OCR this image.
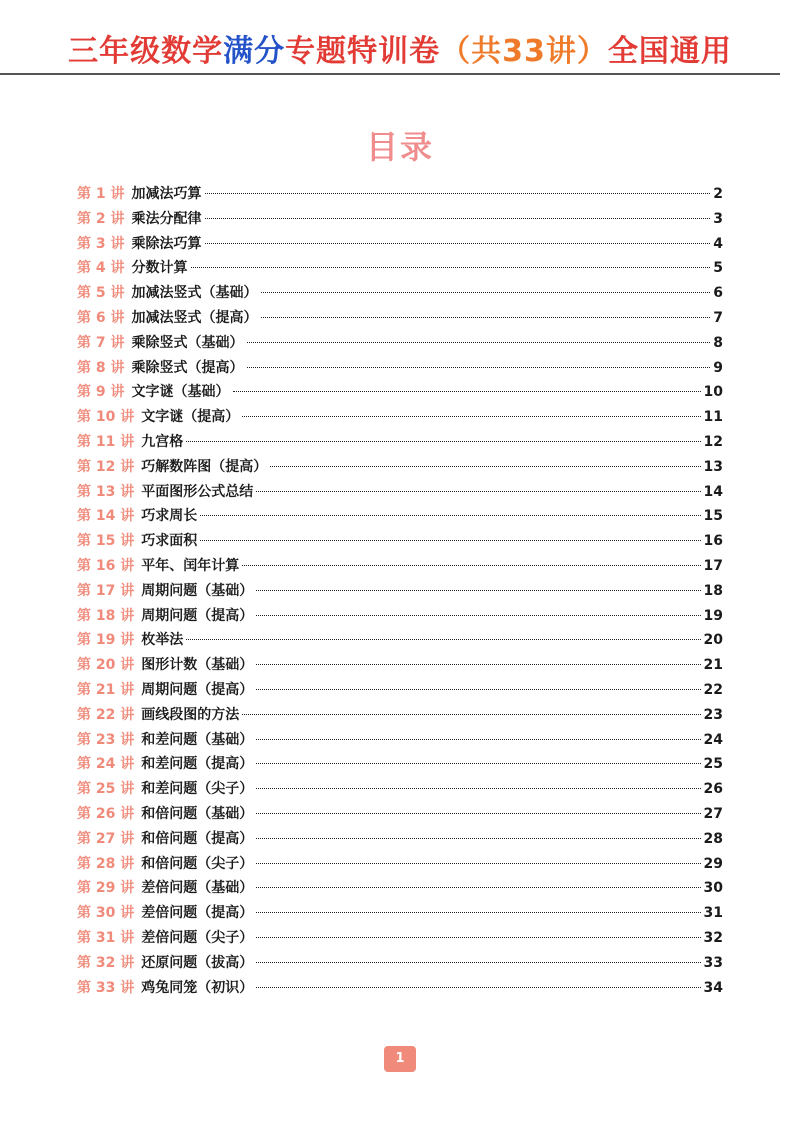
三年级数学满分专题特训卷（共33讲）全国通用
目录
第 1 讲 加减法巧算	2
第 2 讲 乘法分配律	3
第 3 讲 乘除法巧算	4
第 4 讲 分数计算	5
第 5 讲 加减法竖式（基础）	6
第 6 讲 加减法竖式（提高）	7
第 7 讲 乘除竖式（基础）	8
第 8 讲 乘除竖式（提高）	9
第 9 讲 文字谜（基础）	10
第 10 讲 文字谜（提高）	11
第 11 讲 九宫格	12
第 12 讲 巧解数阵图（提高）	13
第 13 讲 平面图形公式总结	14
第 14 讲 巧求周长	15
第 15 讲 巧求面积	16
第 16 讲 平年、闰年计算	17
第 17 讲 周期问题（基础）	18
第 18 讲 周期问题（提高）	19
第 19 讲 枚举法	20
第 20 讲 图形计数（基础）	21
第 21 讲 周期问题（提高）	22
第 22 讲 画线段图的方法	23
第 23 讲 和差问题（基础）	24
第 24 讲 和差问题（提高）	25
第 25 讲 和差问题（尖子）	26
第 26 讲 和倍问题（基础）	27
第 27 讲 和倍问题（提高）	28
第 28 讲 和倍问题（尖子）	29
第 29 讲 差倍问题（基础）	30
第 30 讲 差倍问题（提高）	31
第 31 讲 差倍问题（尖子）	32
第 32 讲 还原问题（拔高）	33
第 33 讲 鸡兔同笼（初识）	34
1
